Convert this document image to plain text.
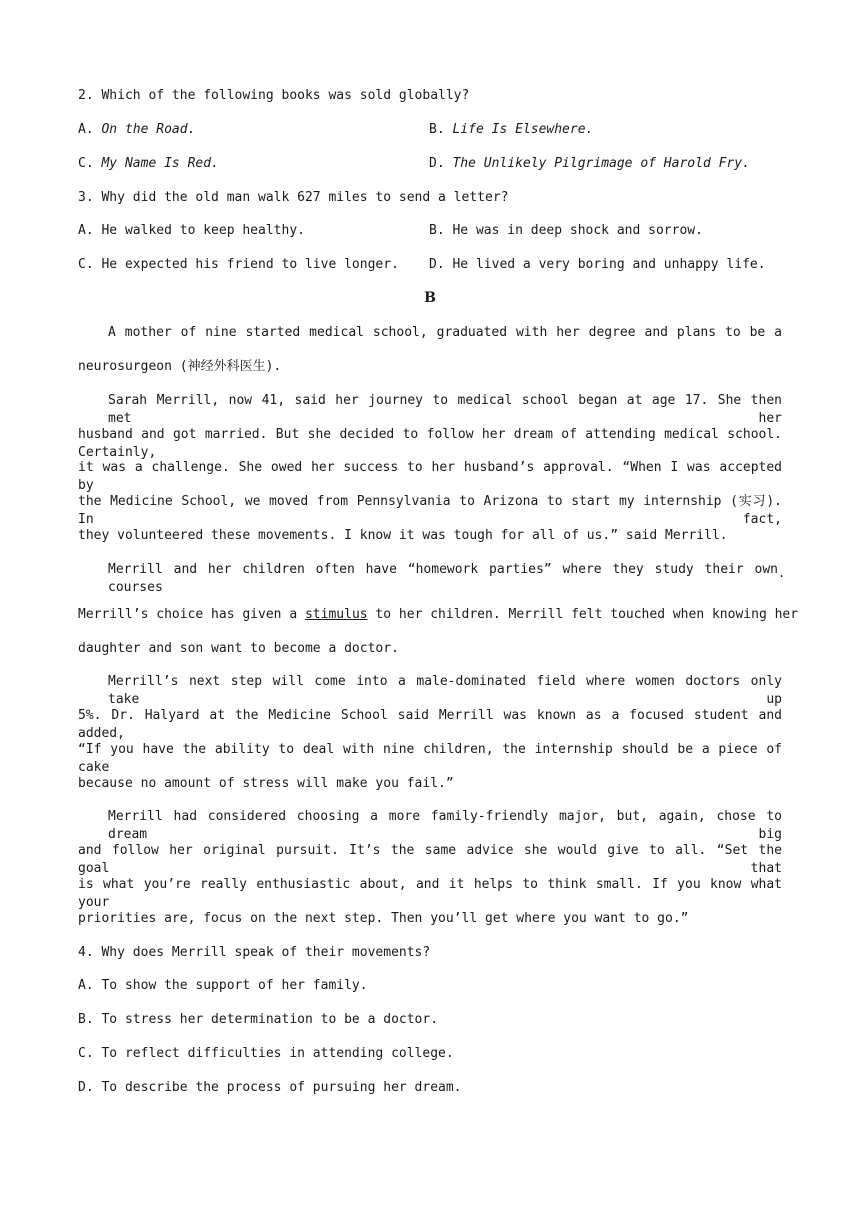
2. Which of the following books was sold globally?
A. On the Road.	B. Life Is Elsewhere.
C. My Name Is Red.	D. The Unlikely Pilgrimage of Harold Fry.
3. Why did the old man walk 627 miles to send a letter?
A. He walked to keep healthy.	B. He was in deep shock and sorrow.
C. He expected his friend to live longer. D. He lived a very boring and unhappy life.
B
A mother of nine started medical school, graduated with her degree and plans to be a
neurosurgeon (神经外科医生).
Sarah Merrill, now 41, said her journey to medical school began at age 17. She then met her
husband and got married. But she decided to follow her dream of attending medical school. Certainly,
it was a challenge. She owed her success to her husband’s approval. “When I was accepted by
the Medicine School, we moved from Pennsylvania to Arizona to start my internship (实习). In fact,
they volunteered these movements. I know it was tough for all of us.” said Merrill.
Merrill and her children often have “homework parties” where they study their own courses
.
Merrill’s choice has given a stimulus to her children. Merrill felt touched when knowing her
daughter and son want to become a doctor.
Merrill’s next step will come into a male-dominated field where women doctors only take up
5%. Dr. Halyard at the Medicine School said Merrill was known as a focused student and added,
“If you have the ability to deal with nine children, the internship should be a piece of cake
because no amount of stress will make you fail.”
Merrill had considered choosing a more family-friendly major, but, again, chose to dream big
and follow her original pursuit. It’s the same advice she would give to all. “Set the goal that
is what you’re really enthusiastic about, and it helps to think small. If you know what your
priorities are, focus on the next step. Then you’ll get where you want to go.”
4. Why does Merrill speak of their movements?
A. To show the support of her family.
B. To stress her determination to be a doctor.
C. To reflect difficulties in attending college.
D. To describe the process of pursuing her dream.
